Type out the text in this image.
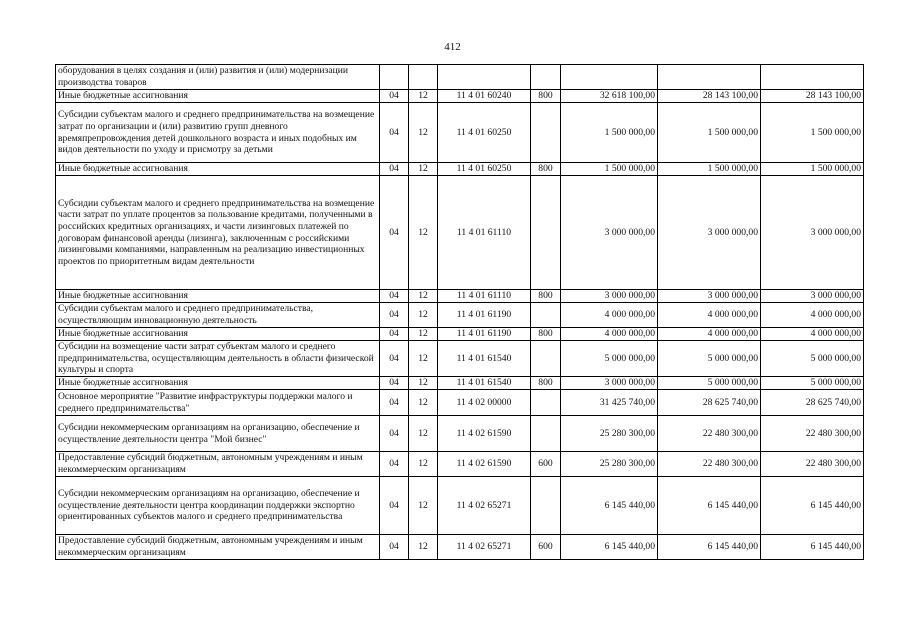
412
оборудования в целях создания и (или) развития и (или) модернизации производства товаров							
Иные бюджетные ассигнования	04	12	11 4 01 60240	800	32 618 100,00	28 143 100,00	28 143 100,00
Субсидии субъектам малого и среднего предпринимательства на возмещение затрат по организации и (или) развитию групп дневного времяпрепровождения детей дошкольного возраста и иных подобных им видов деятельности по уходу и присмотру за детьми	04	12	11 4 01 60250		1 500 000,00	1 500 000,00	1 500 000,00
Иные бюджетные ассигнования	04	12	11 4 01 60250	800	1 500 000,00	1 500 000,00	1 500 000,00
Субсидии субъектам малого и среднего предпринимательства на возмещение части затрат по уплате процентов за пользование кредитами, полученными в российских кредитных организациях, и части лизинговых платежей по договорам финансовой аренды (лизинга), заключенным с российскими лизинговыми компаниями, направленным на реализацию инвестиционных проектов по приоритетным видам деятельности	04	12	11 4 01 61110		3 000 000,00	3 000 000,00	3 000 000,00
Иные бюджетные ассигнования	04	12	11 4 01 61110	800	3 000 000,00	3 000 000,00	3 000 000,00
Субсидии субъектам малого и среднего предпринимательства, осуществляющим инновационную деятельность	04	12	11 4 01 61190		4 000 000,00	4 000 000,00	4 000 000,00
Иные бюджетные ассигнования	04	12	11 4 01 61190	800	4 000 000,00	4 000 000,00	4 000 000,00
Субсидии на возмещение части затрат субъектам малого и среднего предпринимательства, осуществляющим деятельность в области физической культуры и спорта	04	12	11 4 01 61540		5 000 000,00	5 000 000,00	5 000 000,00
Иные бюджетные ассигнования	04	12	11 4 01 61540	800	3 000 000,00	5 000 000,00	5 000 000,00
Основное мероприятие "Развитие инфраструктуры поддержки малого и среднего предпринимательства"	04	12	11 4 02 00000		31 425 740,00	28 625 740,00	28 625 740,00
Субсидии некоммерческим организациям на организацию, обеспечение и осуществление деятельности центра "Мой бизнес"	04	12	11 4 02 61590		25 280 300,00	22 480 300,00	22 480 300,00
Предоставление субсидий бюджетным, автономным учреждениям и иным некоммерческим организациям	04	12	11 4 02 61590	600	25 280 300,00	22 480 300,00	22 480 300,00
Субсидии некоммерческим организациям на организацию, обеспечение и осуществление деятельности центра координации поддержки экспортно ориентированных субъектов малого и среднего предпринимательства	04	12	11 4 02 65271		6 145 440,00	6 145 440,00	6 145 440,00
Предоставление субсидий бюджетным, автономным учреждениям и иным некоммерческим организациям	04	12	11 4 02 65271	600	6 145 440,00	6 145 440,00	6 145 440,00
